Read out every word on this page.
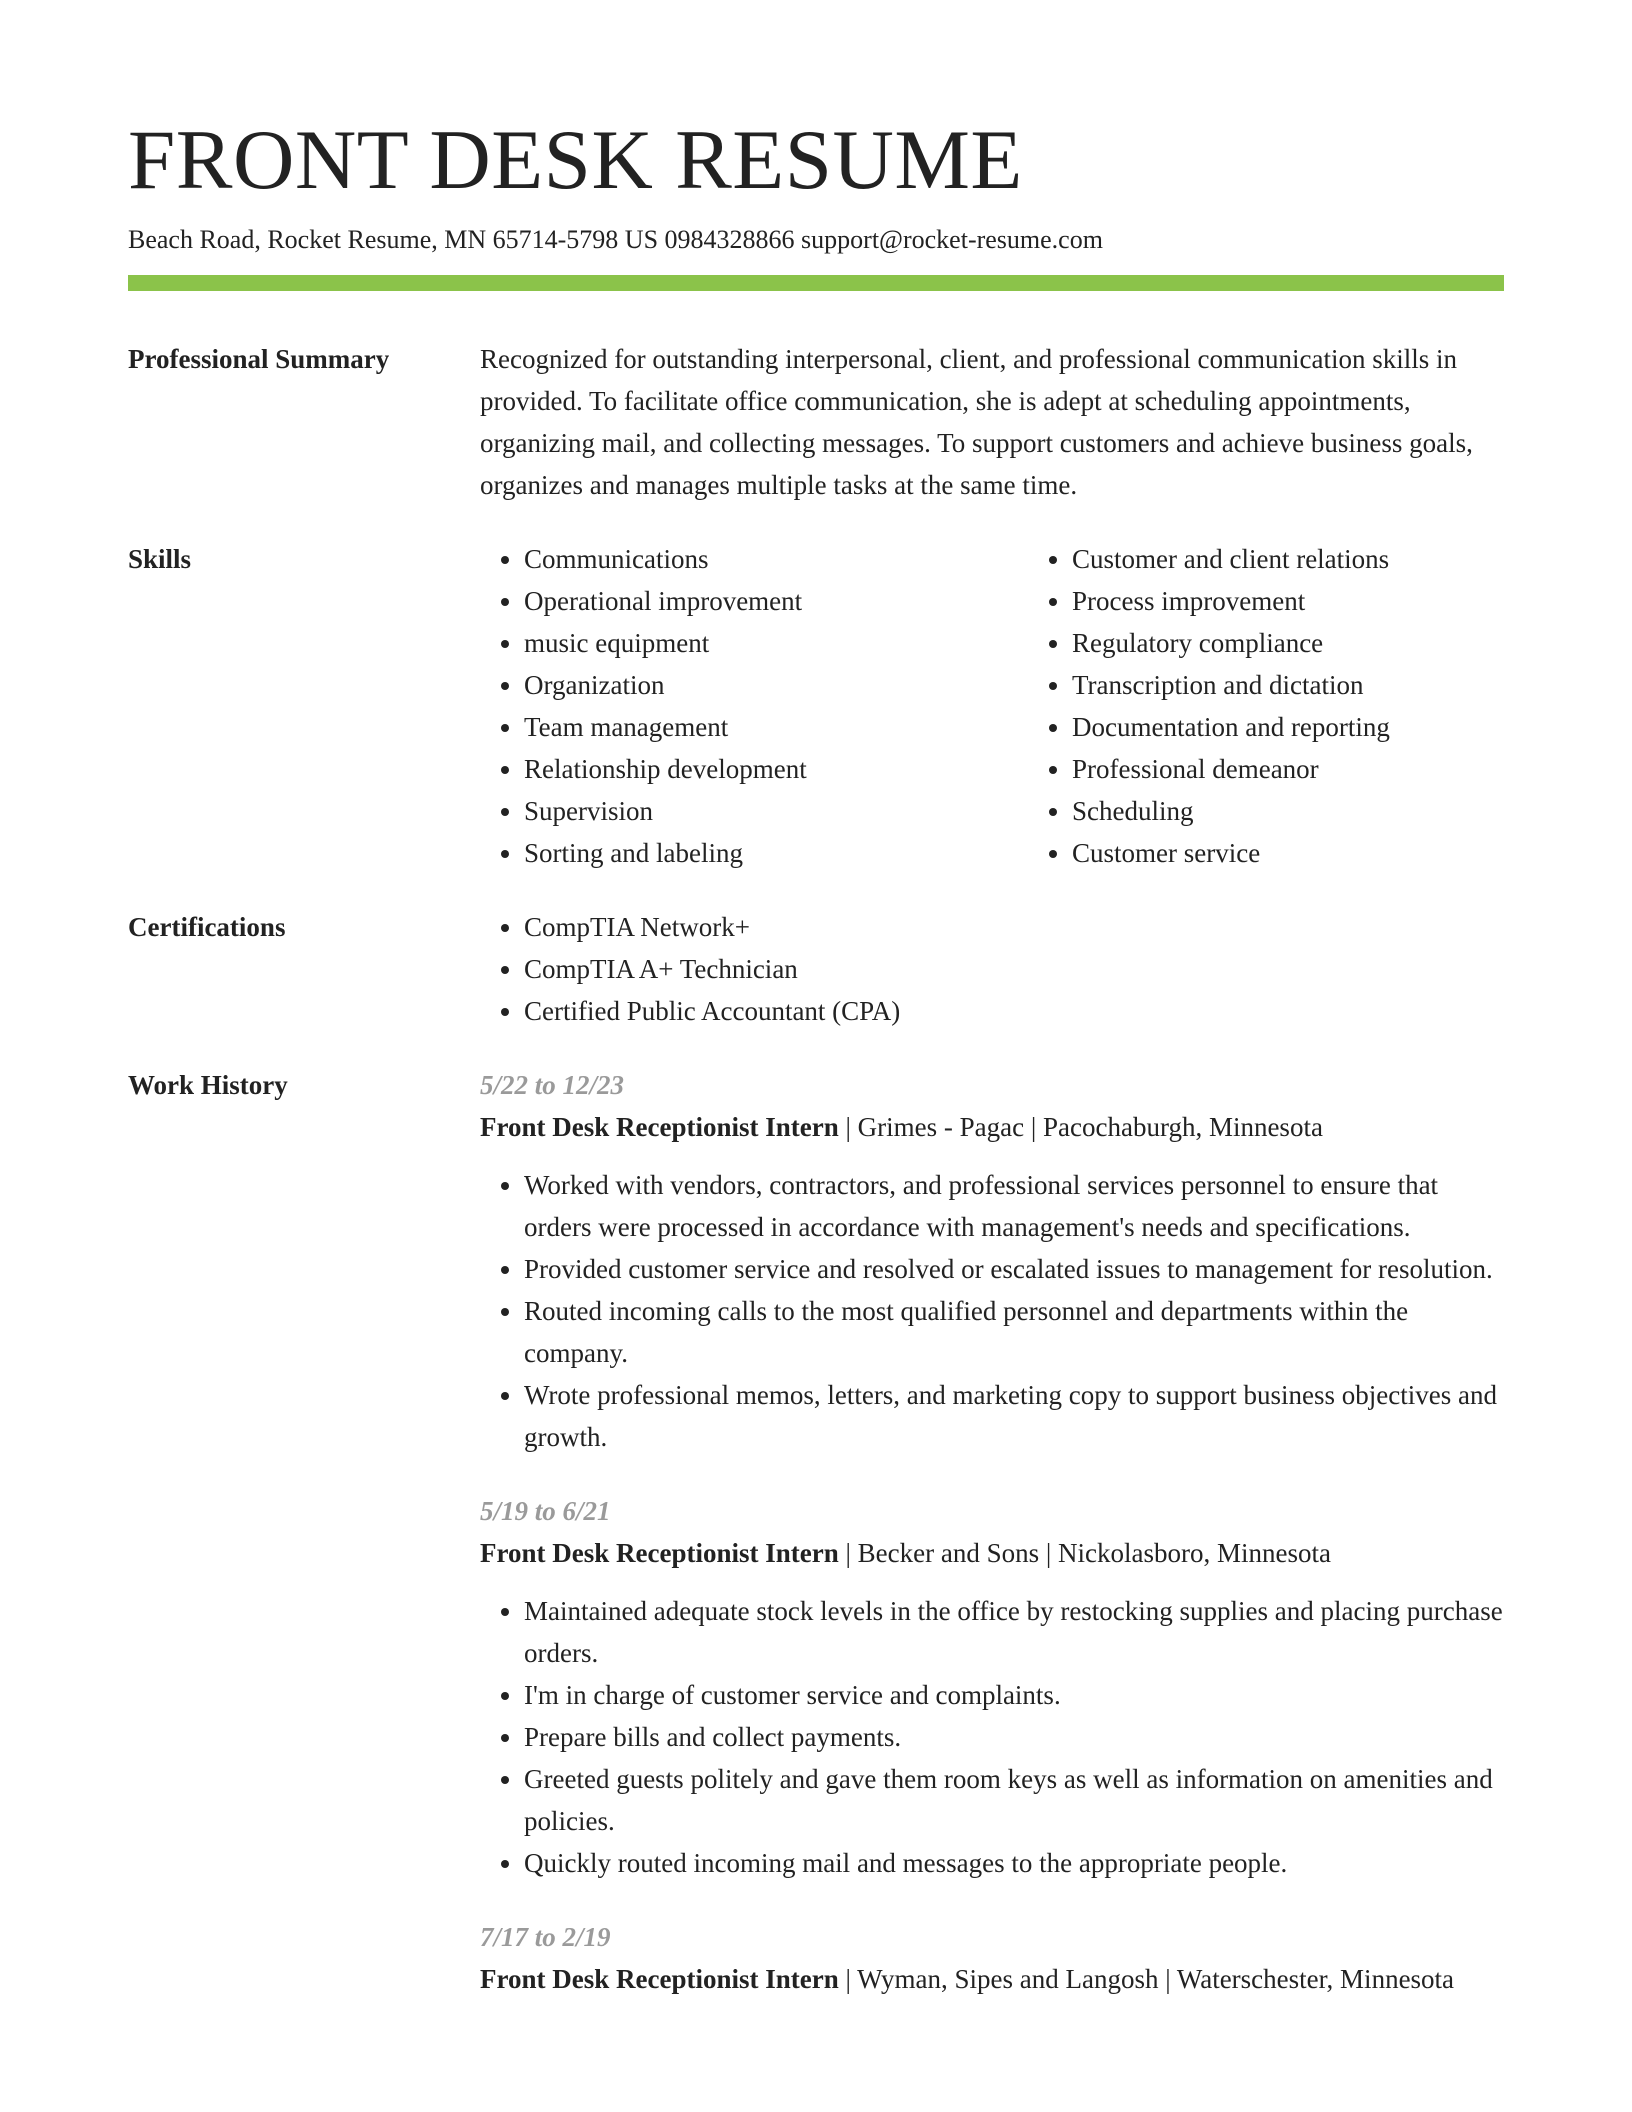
FRONT DESK RESUME
Beach Road, Rocket Resume, MN 65714-5798 US 0984328866 support@rocket-resume.com
Professional Summary	Recognized for outstanding interpersonal, client, and professional communication skills in provided. To facilitate office communication, she is adept at scheduling appointments, organizing mail, and collecting messages. To support customers and achieve business goals, organizes and manages multiple tasks at the same time.
Skills	• Communications
• Operational improvement
• music equipment
• Organization
• Team management
• Relationship development
• Supervision
• Sorting and labeling
• Customer and client relations
• Process improvement
• Regulatory compliance
• Transcription and dictation
• Documentation and reporting
• Professional demeanor
• Scheduling
• Customer service
Certifications	• CompTIA Network+
• CompTIA A+ Technician
• Certified Public Accountant (CPA)
Work History	5/22 to 12/23
Front Desk Receptionist Intern | Grimes - Pagac | Pacochaburgh, Minnesota
• Worked with vendors, contractors, and professional services personnel to ensure that orders were processed in accordance with management's needs and specifications.
• Provided customer service and resolved or escalated issues to management for resolution.
• Routed incoming calls to the most qualified personnel and departments within the company.
• Wrote professional memos, letters, and marketing copy to support business objectives and growth.
5/19 to 6/21
Front Desk Receptionist Intern | Becker and Sons | Nickolasboro, Minnesota
• Maintained adequate stock levels in the office by restocking supplies and placing purchase orders.
• I'm in charge of customer service and complaints.
• Prepare bills and collect payments.
• Greeted guests politely and gave them room keys as well as information on amenities and policies.
• Quickly routed incoming mail and messages to the appropriate people.
7/17 to 2/19
Front Desk Receptionist Intern | Wyman, Sipes and Langosh | Waterschester, Minnesota
